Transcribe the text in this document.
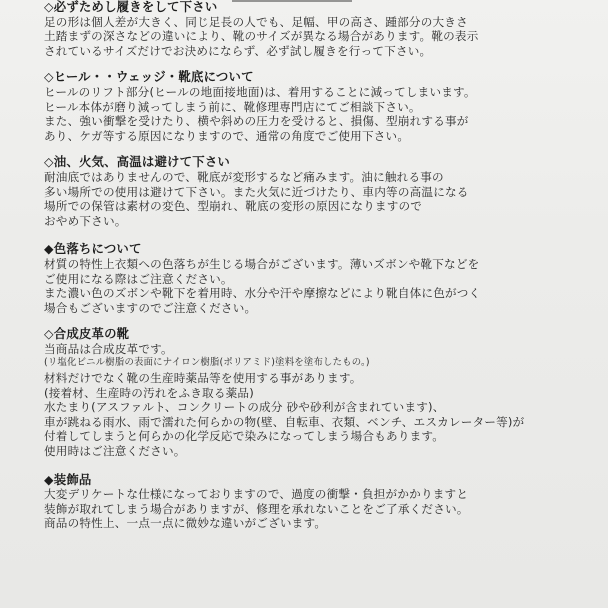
◇必ずためし履きをして下さい
足の形は個人差が大きく、同じ足長の人でも、足幅、甲の高さ、踵部分の大きさ
土踏まずの深さなどの違いにより、靴のサイズが異なる場合があります。靴の表示
されているサイズだけでお決めにならず、必ず試し履きを行って下さい。
◇ヒール・・ウェッジ・靴底について
ヒールのリフト部分(ヒールの地面接地面)は、着用することに減ってしまいます。
ヒール本体が磨り減ってしまう前に、靴修理専門店にてご相談下さい。
また、強い衝撃を受けたり、横や斜めの圧力を受けると、損傷、型崩れする事が
あり、ケガ等する原因になりますので、通常の角度でご使用下さい。
◇油、火気、高温は避けて下さい
耐油底ではありませんので、靴底が変形するなど痛みます。油に触れる事の
多い場所での使用は避けて下さい。また火気に近づけたり、車内等の高温になる
場所での保管は素材の変色、型崩れ、靴底の変形の原因になりますので
おやめ下さい。
◆色落ちについて
材質の特性上衣類への色落ちが生じる場合がございます。薄いズボンや靴下などを
ご使用になる際はご注意ください。
また濃い色のズボンや靴下を着用時、水分や汗や摩擦などにより靴自体に色がつく
場合もございますのでご注意ください。
◇合成皮革の靴
当商品は合成皮革です。
(リ塩化ビニル樹脂の表面にナイロン樹脂(ポリアミド)塗料を塗布したもの。)
材料だけでなく靴の生産時薬品等を使用する事があります。
(接着材、生産時の汚れをふき取る薬品)
水たまり(アスファルト、コンクリートの成分 砂や砂利が含まれています)、
車が跳ねる雨水、雨で濡れた何らかの物(壁、自転車、衣類、ベンチ、エスカレーター等)が
付着してしまうと何らかの化学反応で染みになってしまう場合もあります。
使用時はご注意ください。
◆装飾品
大変デリケートな仕様になっておりますので、過度の衝撃・負担がかかりますと
装飾が取れてしまう場合がありますが、修理を承れないことをご了承ください。
商品の特性上、一点一点に微妙な違いがございます。
